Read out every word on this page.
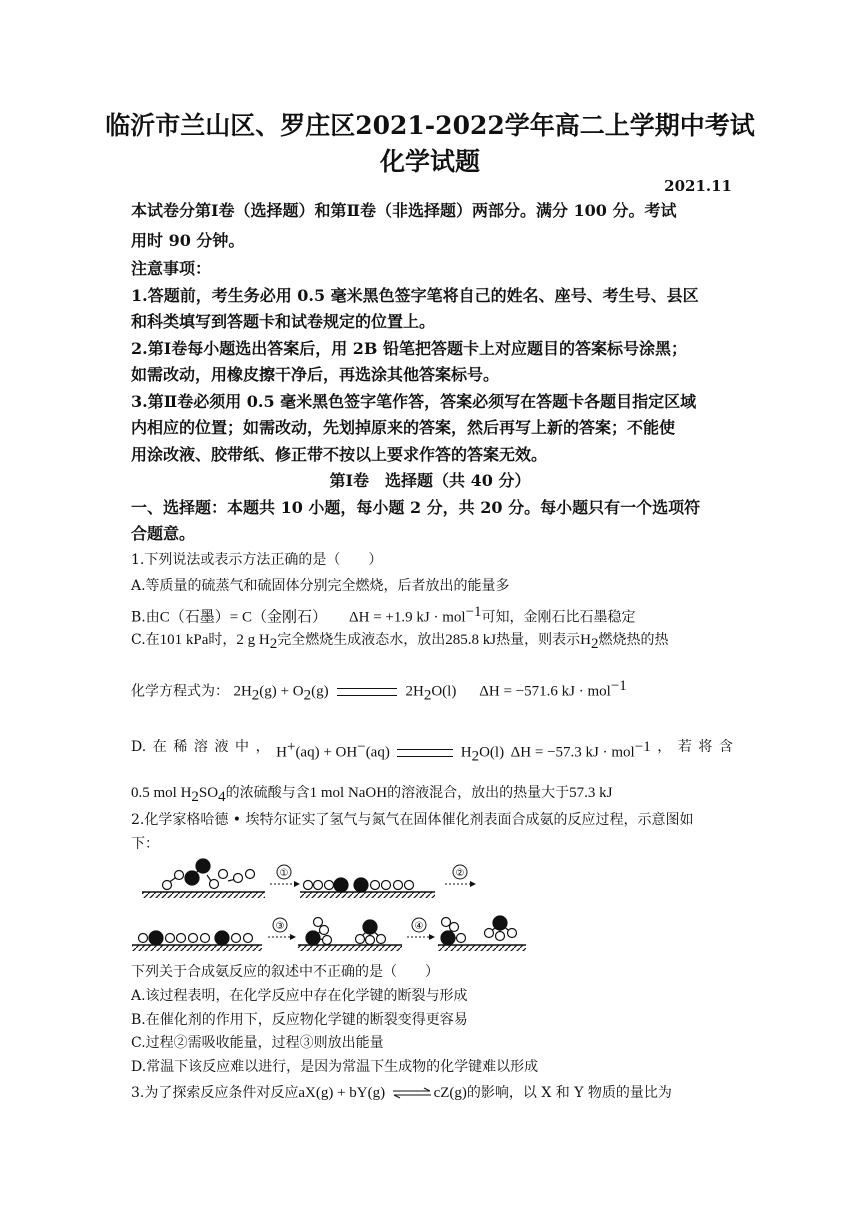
临沂市兰山区、罗庄区2021-2022学年高二上学期中考试
化学试题
2021.11
本试卷分第Ⅰ卷（选择题）和第Ⅱ卷（非选择题）两部分。满分 100 分。考试
用时 90 分钟。
注意事项：
1.答题前，考生务必用 0.5 毫米黑色签字笔将自己的姓名、座号、考生号、县区
和科类填写到答题卡和试卷规定的位置上。
2.第Ⅰ卷每小题选出答案后，用 2B 铅笔把答题卡上对应题目的答案标号涂黑；
如需改动，用橡皮擦干净后，再选涂其他答案标号。
3.第Ⅱ卷必须用 0.5 毫米黑色签字笔作答，答案必须写在答题卡各题目指定区域
内相应的位置；如需改动，先划掉原来的答案，然后再写上新的答案；不能使
用涂改液、胶带纸、修正带不按以上要求作答的答案无效。
第Ⅰ卷　选择题（共 40 分）
一、选择题：本题共 10 小题，每小题 2 分，共 20 分。每小题只有一个选项符
合题意。
1.下列说法或表示方法正确的是（　　）
A.等质量的硫蒸气和硫固体分别完全燃烧，后者放出的能量多
B.由C（石墨）= C（金刚石） ΔH = +1.9 kJ · mol$^{-1}$可知，金刚石比石墨稳定
C.在101 kPa时，2 g $H_2$完全燃烧生成液态水，放出285.8 kJ热量，则表示$H_2$燃烧热的热
化学方程式为： $2H_2(g) + O_2(g)$	$2H_2O(l) \Delta H = -571.6$ kJ · mol$^{-1}$
D. 在 稀 溶 液 中 ， H+(aq) + OH−(aq)	$H_2O(l) \Delta H = -57.3$ kJ · mol$^{-1}$ ， 若 将 含
0.5 mol $H_2SO_4$的浓硫酸与含1 mol NaOH的溶液混合，放出的热量大于57.3 kJ
2.化学家格哈德 • 埃特尔证实了氢气与氮气在固体催化剂表面合成氨的反应过程，示意图如
下：
①	②
③	④
下列关于合成氨反应的叙述中不正确的是（　　）
A.该过程表明，在化学反应中存在化学键的断裂与形成
B.在催化剂的作用下，反应物化学键的断裂变得更容易
C.过程②需吸收能量，过程③则放出能量
D.常温下该反应难以进行，是因为常温下生成物的化学键难以形成
3.为了探索反应条件对反应aX(g) + bY(g) ⇌ cZ(g)的影响，以 X 和 Y 物质的量比为
